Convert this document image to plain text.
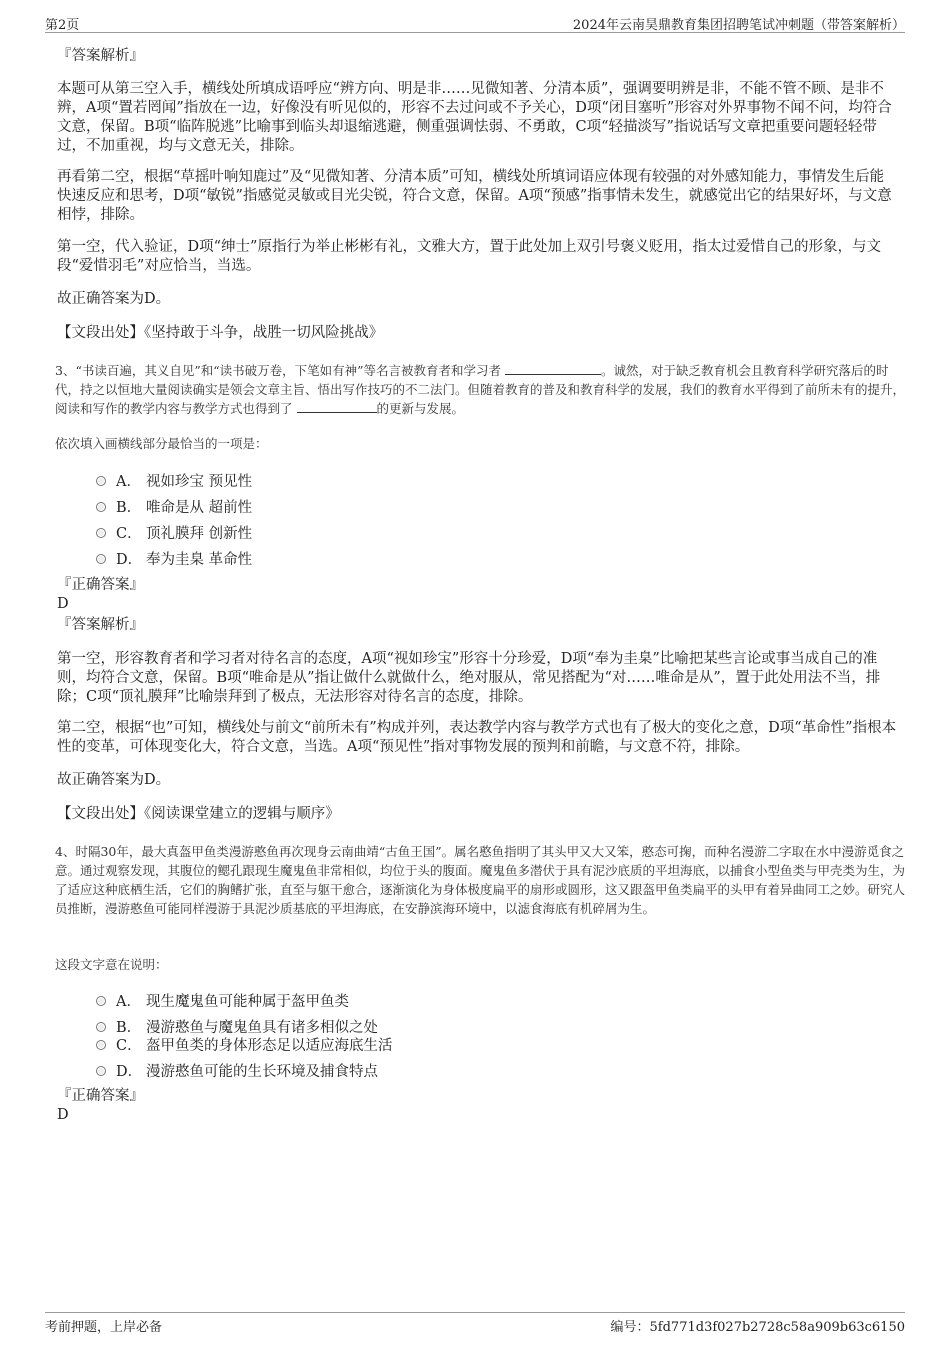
第2页	2024年云南昊鼎教育集团招聘笔试冲刺题（带答案解析）
『答案解析』
本题可从第三空入手，横线处所填成语呼应“辨方向、明是非……见微知著、分清本质”，强调要明辨是非，不能不管不顾、是非不辨，A项“置若罔闻”指放在一边，好像没有听见似的，形容不去过问或不予关心，D项“闭目塞听”形容对外界事物不闻不问，均符合文意，保留。B项“临阵脱逃”比喻事到临头却退缩逃避，侧重强调怯弱、不勇敢，C项“轻描淡写”指说话写文章把重要问题轻轻带过，不加重视，均与文意无关，排除。
再看第二空，根据“草摇叶响知鹿过”及“见微知著、分清本质”可知，横线处所填词语应体现有较强的对外感知能力，事情发生后能快速反应和思考，D项“敏锐”指感觉灵敏或目光尖锐，符合文意，保留。A项“预感”指事情未发生，就感觉出它的结果好坏，与文意相悖，排除。
第一空，代入验证，D项“绅士”原指行为举止彬彬有礼，文雅大方，置于此处加上双引号褒义贬用，指太过爱惜自己的形象，与文段“爱惜羽毛”对应恰当，当选。
故正确答案为D。
【文段出处】《坚持敢于斗争，战胜一切风险挑战》
3、“书读百遍，其义自见”和“读书破万卷，下笔如有神”等名言被教育者和学习者	。诚然，对于缺乏教育机会且教育科学研究落后的时代，持之以恒地大量阅读确实是领会文章主旨、悟出写作技巧的不二法门。但随着教育的普及和教育科学的发展，我们的教育水平得到了前所未有的提升，阅读和写作的教学内容与教学方式也得到了	的更新与发展。
依次填入画横线部分最恰当的一项是：
A． 视如珍宝 预见性
B． 唯命是从 超前性
C． 顶礼膜拜 创新性
D． 奉为圭臬 革命性
『正确答案』
D
『答案解析』
第一空，形容教育者和学习者对待名言的态度，A项“视如珍宝”形容十分珍爱，D项“奉为圭臬”比喻把某些言论或事当成自己的准则，均符合文意，保留。B项“唯命是从”指让做什么就做什么，绝对服从，常见搭配为“对……唯命是从”，置于此处用法不当，排除；C项“顶礼膜拜”比喻崇拜到了极点，无法形容对待名言的态度，排除。
第二空，根据“也”可知，横线处与前文“前所未有”构成并列，表达教学内容与教学方式也有了极大的变化之意，D项“革命性”指根本性的变革，可体现变化大，符合文意，当选。A项“预见性”指对事物发展的预判和前瞻，与文意不符，排除。
故正确答案为D。
【文段出处】《阅读课堂建立的逻辑与顺序》
4、时隔30年，最大真盔甲鱼类漫游憨鱼再次现身云南曲靖“古鱼王国”。属名憨鱼指明了其头甲又大又笨，憨态可掬，而种名漫游二字取在水中漫游觅食之意。通过观察发现，其腹位的鳃孔跟现生魔鬼鱼非常相似，均位于头的腹面。魔鬼鱼多潜伏于具有泥沙底质的平坦海底，以捕食小型鱼类与甲壳类为生，为了适应这种底栖生活，它们的胸鳍扩张，直至与躯干愈合，逐渐演化为身体极度扁平的扇形或圆形，这又跟盔甲鱼类扁平的头甲有着异曲同工之妙。研究人员推断，漫游憨鱼可能同样漫游于具泥沙质基底的平坦海底，在安静滨海环境中，以滤食海底有机碎屑为生。
这段文字意在说明：
A． 现生魔鬼鱼可能种属于盔甲鱼类
B． 漫游憨鱼与魔鬼鱼具有诸多相似之处
C． 盔甲鱼类的身体形态足以适应海底生活
D． 漫游憨鱼可能的生长环境及捕食特点
『正确答案』
D
考前押题，上岸必备	编号：5fd771d3f027b2728c58a909b63c6150
